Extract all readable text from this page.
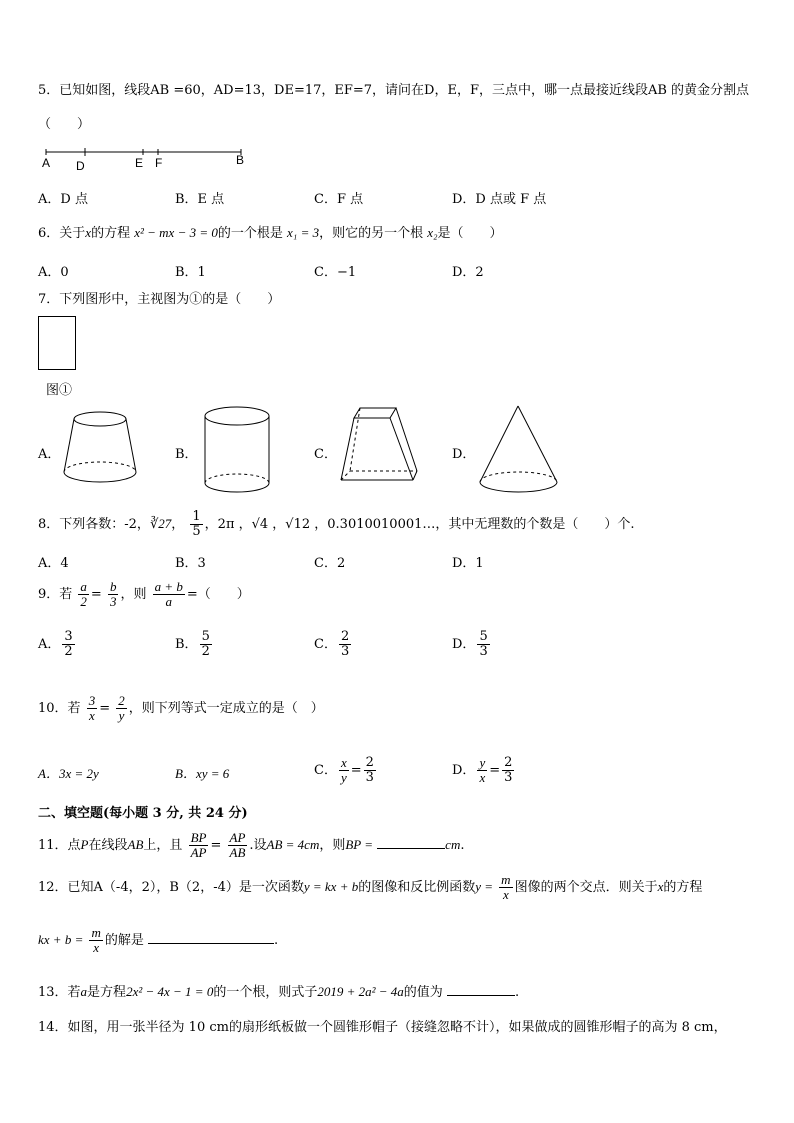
5．已知如图，线段AB =60，AD=13，DE=17，EF=7，请问在D，E，F，三点中，哪一点最接近线段AB 的黄金分割点
（　　）
A D	E F	B
A．D 点	B．E 点	C．F 点	D．D 点或 F 点
6．关于x的方程 x² − mx − 3 = 0的一个根是 x₁ = 3，则它的另一个根 x₂是（　　）
A．0	B．1	C．−1	D．2
7．下列图形中，主视图为①的是（　　）
图①
A．	B．	C．	D．
8．下列各数：-2，∛27， $\frac{1}{5}$ ，2π ，√4 ，√12 ，0.3010010001…，其中无理数的个数是（　　）个.
A．4	B．3	C．2	D．1
9．若 $\frac{a}{2} = \frac{b}{3}$ ，则 $\frac{a + b}{a}$ =（　　）
A． $\frac{3}{2}$	B． $\frac{5}{2}$	C． $\frac{2}{3}$	D． $\frac{5}{3}$
10．若 $\frac{3}{x} = \frac{2}{y}$ ，则下列等式一定成立的是（　）
A．3x = 2y	B．xy = 6	C． $\frac{x}{y} = \frac{2}{3}$	D． $\frac{y}{x} = \frac{2}{3}$
二、填空题(每小题 3 分, 共 24 分)
11．点P在线段AB上，且 $\frac{BP}{AP} = \frac{AP}{AB}$ .设AB = 4cm，则BP =	cm.
12．已知A（-4，2），B（2，-4）是一次函数y = kx + b的图像和反比例函数$y = \frac{m}{x}$ 图像的两个交点．则关于x的方程
kx + $b = \frac{m}{x}$ 的解是	.
13．若a是方程2x² − 4x − 1 = 0的一个根，则式子2019 + 2a² − 4a的值为	.
14．如图，用一张半径为 10 cm的扇形纸板做一个圆锥形帽子（接缝忽略不计），如果做成的圆锥形帽子的高为 8 cm，
